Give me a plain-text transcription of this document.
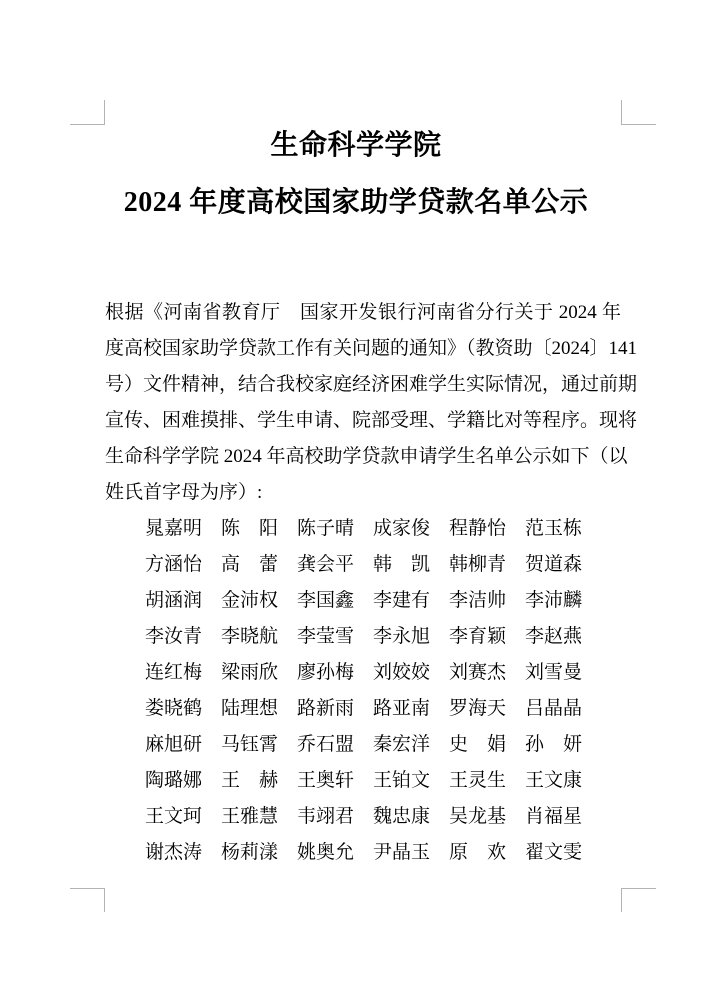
生命科学学院
2024 年度高校国家助学贷款名单公示
根据《河南省教育厅　国家开发银行河南省分行关于 2024 年
度高校国家助学贷款工作有关问题的通知》（教资助〔2024〕141
号）文件精神，结合我校家庭经济困难学生实际情况，通过前期
宣传、困难摸排、学生申请、院部受理、学籍比对等程序。现将
生命科学学院 2024 年高校助学贷款申请学生名单公示如下（以
姓氏首字母为序）:
晁嘉明　陈　阳　陈子晴　成家俊　程静怡　范玉栋
方涵怡　高　蕾　龚会平　韩　凯　韩柳青　贺道森
胡涵润　金沛权　李国鑫　李建有　李洁帅　李沛麟
李汝青　李晓航　李莹雪　李永旭　李育颖　李赵燕
连红梅　梁雨欣　廖孙梅　刘姣姣　刘赛杰　刘雪曼
娄晓鹤　陆理想　路新雨　路亚南　罗海天　吕晶晶
麻旭研　马钰霄　乔石盟　秦宏洋　史　娟　孙　妍
陶璐娜　王　赫　王奥轩　王铂文　王灵生　王文康
王文珂　王雅慧　韦翊君　魏忠康　吴龙基　肖福星
谢杰涛　杨莉漾　姚奥允　尹晶玉　原　欢　翟文雯
